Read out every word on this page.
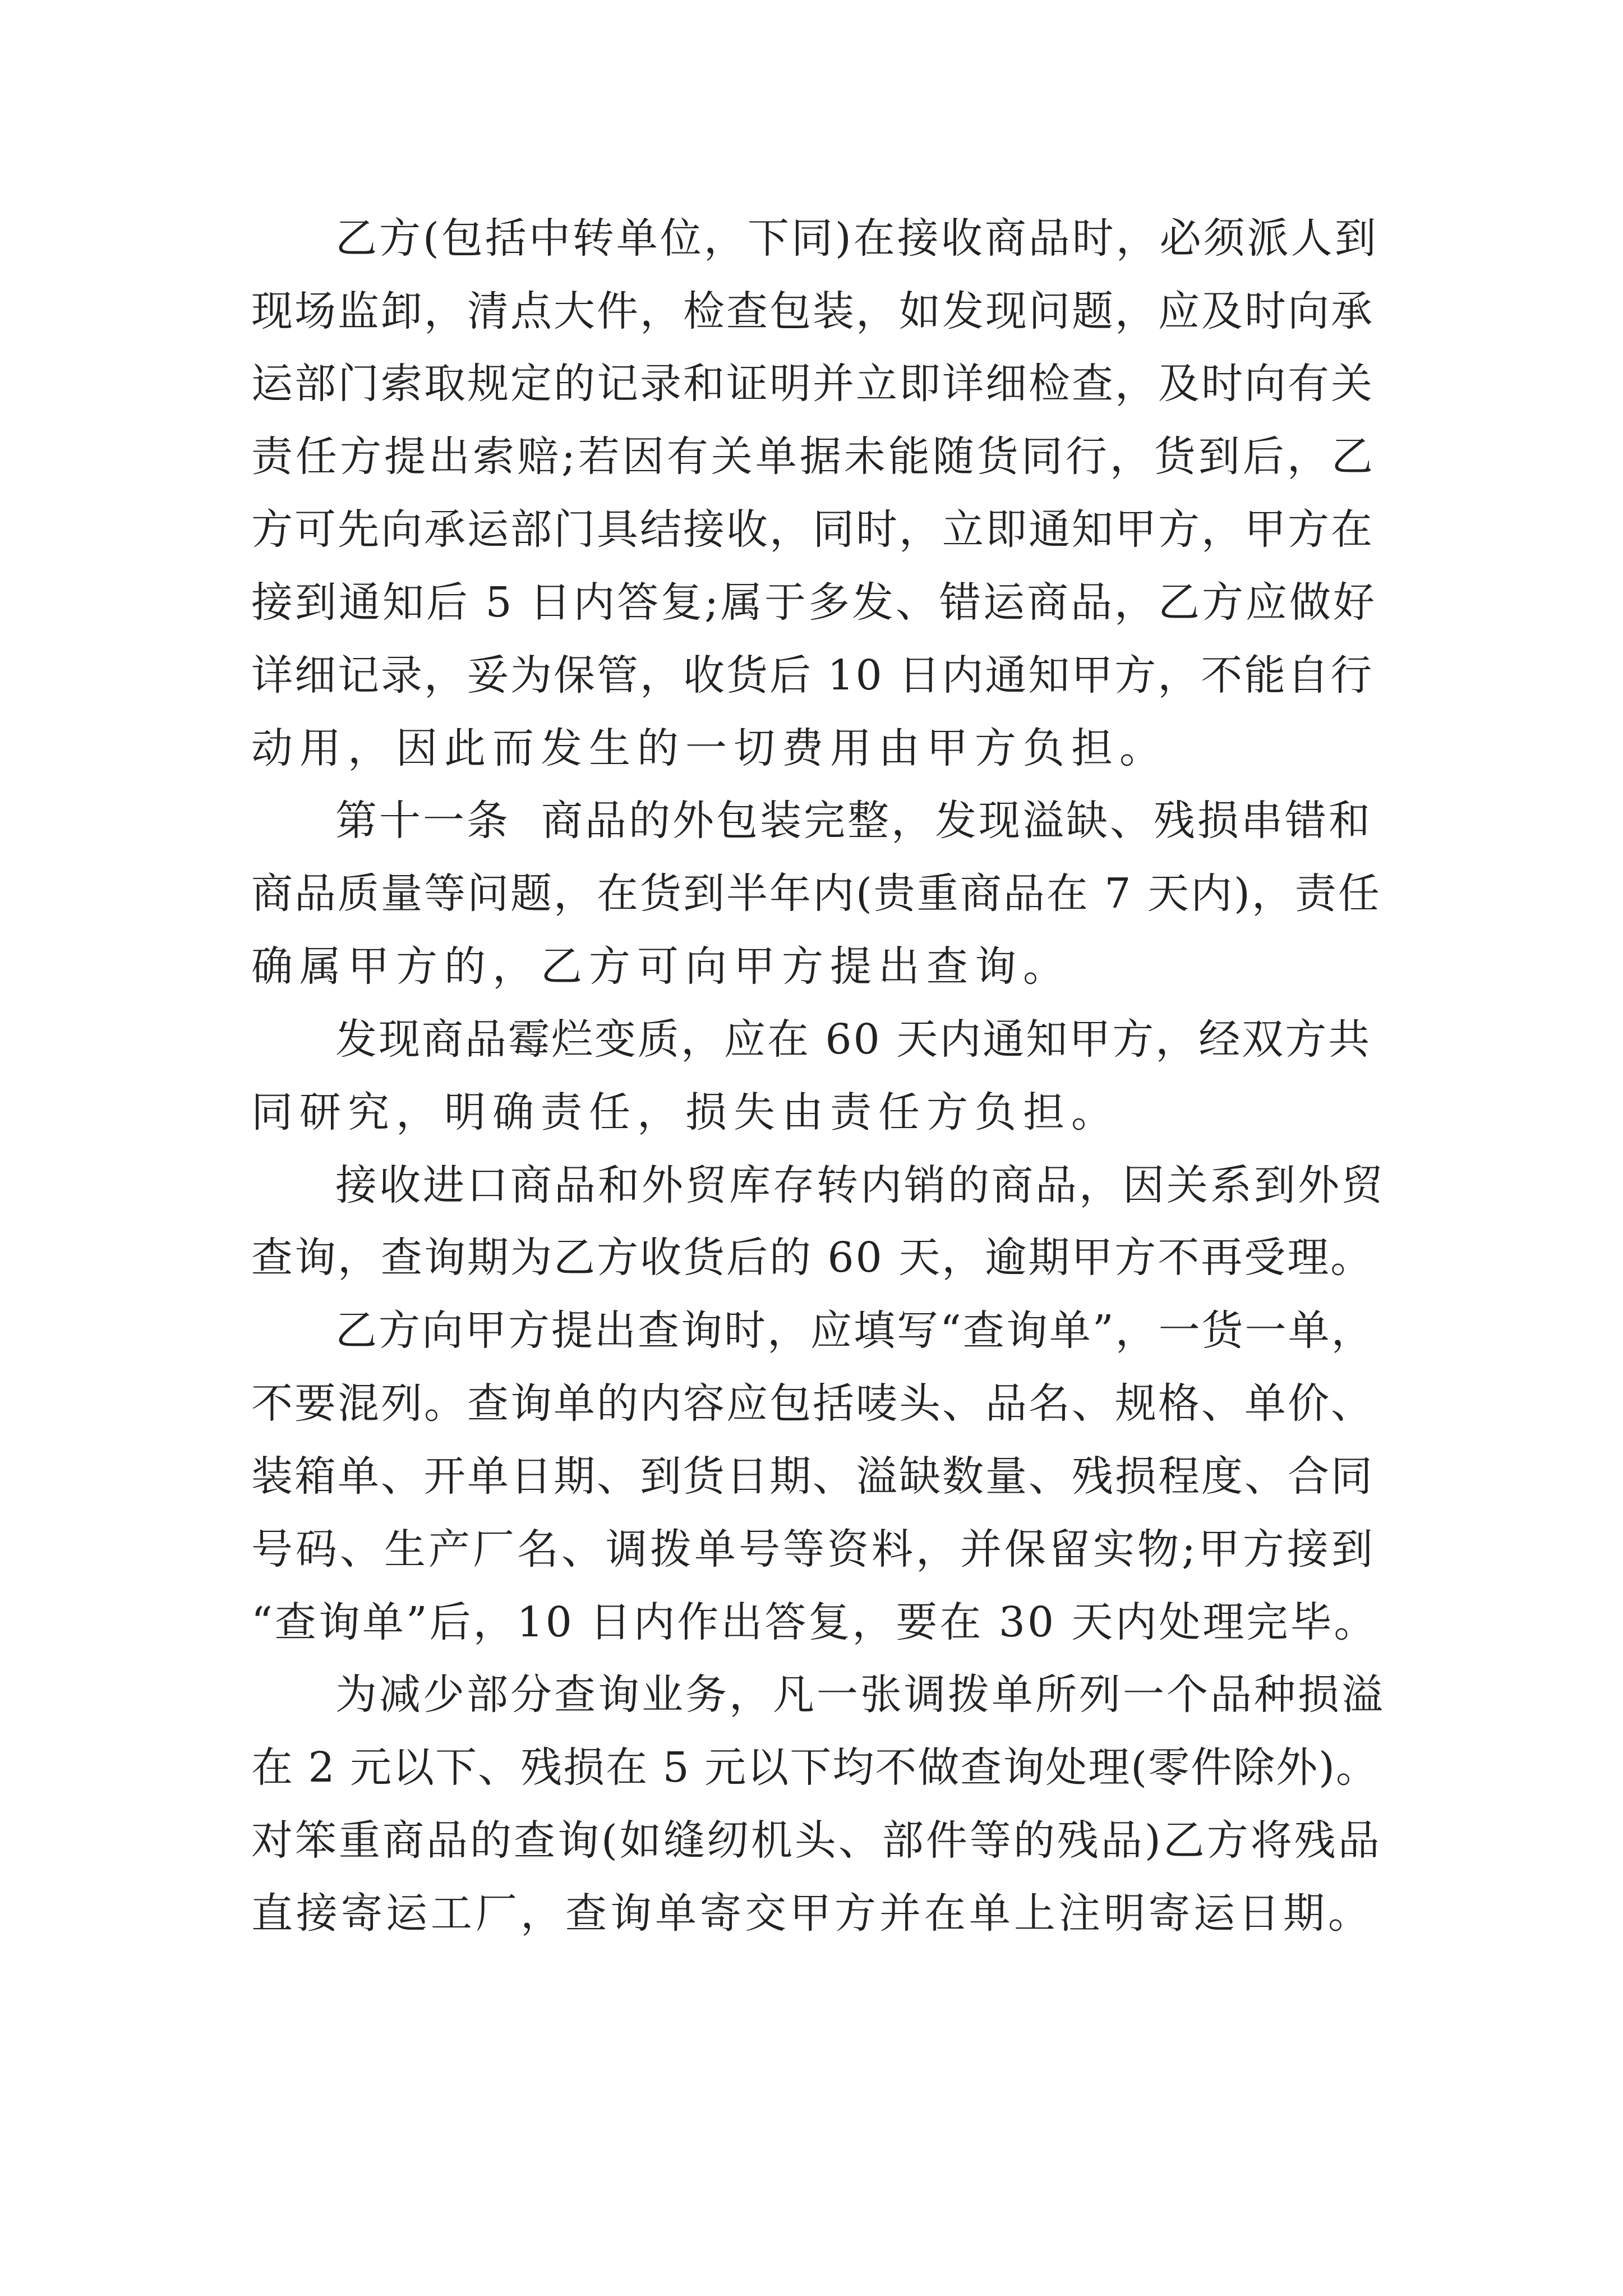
乙方(包括中转单位，下同)在接收商品时，必须派人到

现场监卸，清点大件，检查包装，如发现问题，应及时向承

运部门索取规定的记录和证明并立即详细检查，及时向有关

责任方提出索赔;若因有关单据未能随货同行，货到后，乙

方可先向承运部门具结接收，同时，立即通知甲方，甲方在

接到通知后 5 日内答复;属于多发、错运商品，乙方应做好

详细记录，妥为保管，收货后 10 日内通知甲方，不能自行

动用，因此而发生的一切费用由甲方负担。

第十一条  商品的外包装完整，发现溢缺、残损串错和

商品质量等问题，在货到半年内(贵重商品在 7 天内)，责任

确属甲方的，乙方可向甲方提出查询。

发现商品霉烂变质，应在 60 天内通知甲方，经双方共

同研究，明确责任，损失由责任方负担。

接收进口商品和外贸库存转内销的商品，因关系到外贸

查询，查询期为乙方收货后的 60 天，逾期甲方不再受理。

乙方向甲方提出查询时，应填写“查询单”，一货一单，

不要混列。查询单的内容应包括唛头、品名、规格、单价、

装箱单、开单日期、到货日期、溢缺数量、残损程度、合同

号码、生产厂名、调拨单号等资料，并保留实物;甲方接到

“查询单”后，10 日内作出答复，要在 30 天内处理完毕。

为减少部分查询业务，凡一张调拨单所列一个品种损溢

在 2 元以下、残损在 5 元以下均不做查询处理(零件除外)。

对笨重商品的查询(如缝纫机头、部件等的残品)乙方将残品

直接寄运工厂，查询单寄交甲方并在单上注明寄运日期。
